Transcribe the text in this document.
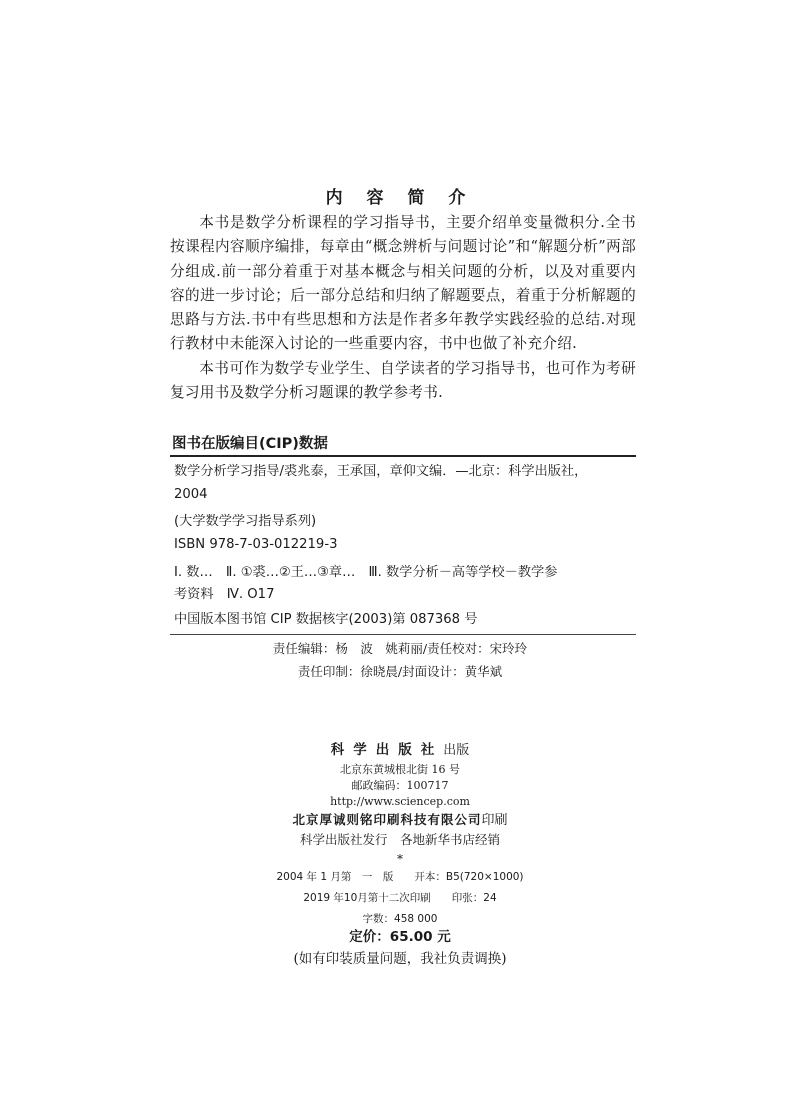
内 容 简 介
本书是数学分析课程的学习指导书，主要介绍单变量微积分.全书按课程内容顺序编排，每章由“概念辨析与问题讨论”和“解题分析”两部分组成.前一部分着重于对基本概念与相关问题的分析，以及对重要内容的进一步讨论；后一部分总结和归纳了解题要点，着重于分析解题的思路与方法.书中有些思想和方法是作者多年教学实践经验的总结.对现行教材中未能深入讨论的一些重要内容，书中也做了补充介绍.
本书可作为数学专业学生、自学读者的学习指导书，也可作为考研复习用书及数学分析习题课的教学参考书.
图书在版编目(CIP)数据
数学分析学习指导/裘兆泰，王承国，章仰文编．—北京：科学出版社，
2004
(大学数学学习指导系列)
ISBN 978-7-03-012219-3
Ⅰ. 数…　Ⅱ. ①裘…②王…③章…　Ⅲ. 数学分析－高等学校－教学参
考资料　Ⅳ. O17
中国版本图书馆 CIP 数据核字(2003)第 087368 号
责任编辑：杨　波　姚莉丽/责任校对：宋玲玲
责任印制：徐晓晨/封面设计：黄华斌
科学出版社出版
北京东黄城根北街 16 号
邮政编码：100717
http://www.sciencep.com
北京厚诚则铭印刷科技有限公司印刷
科学出版社发行　各地新华书店经销
*
2004 年 1 月第　一　版　　开本：B5(720×1000)
2019 年10月第十二次印刷　　印张：24
字数：458 000
定价：65.00 元
(如有印装质量问题，我社负责调换)
